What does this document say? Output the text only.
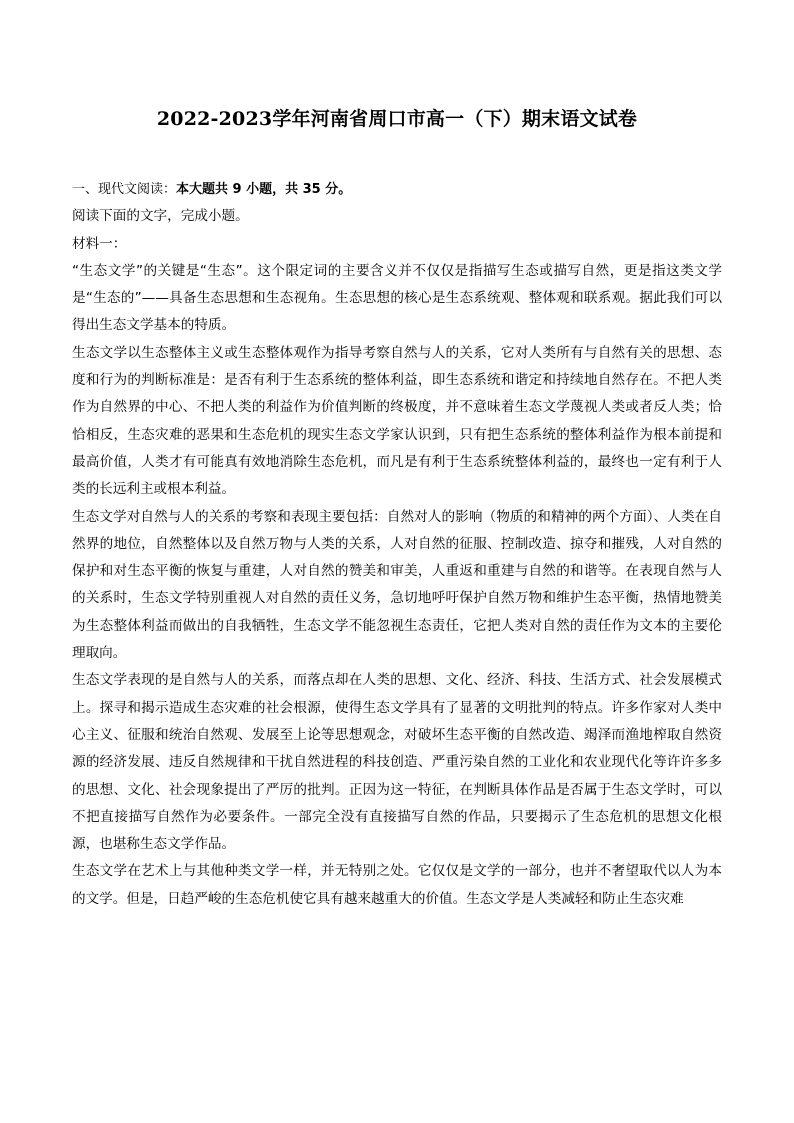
2022-2023学年河南省周口市高一（下）期末语文试卷

一、现代文阅读：本大题共 9 小题，共 35 分。

阅读下面的文字，完成小题。

材料一：

“生态文学”的关键是“生态”。这个限定词的主要含义并不仅仅是指描写生态或描写自然，更是指这类文学是“生态的”——具备生态思想和生态视角。生态思想的核心是生态系统观、整体观和联系观。据此我们可以得出生态文学基本的特质。

生态文学以生态整体主义或生态整体观作为指导考察自然与人的关系，它对人类所有与自然有关的思想、态度和行为的判断标准是：是否有利于生态系统的整体利益，即生态系统和谐定和持续地自然存在。不把人类作为自然界的中心、不把人类的利益作为价值判断的终极度，并不意味着生态文学蔑视人类或者反人类；恰恰相反，生态灾难的恶果和生态危机的现实生态文学家认识到，只有把生态系统的整体利益作为根本前提和最高价值，人类才有可能真有效地消除生态危机，而凡是有利于生态系统整体利益的，最终也一定有利于人类的长远利主或根本利益。

生态文学对自然与人的关系的考察和表现主要包括：自然对人的影响（物质的和精神的两个方面）、人类在自然界的地位，自然整体以及自然万物与人类的关系，人对自然的征服、控制改造、掠夺和摧残，人对自然的保护和对生态平衡的恢复与重建，人对自然的赞美和审美，人重返和重建与自然的和谐等。在表现自然与人的关系时，生态文学特别重视人对自然的责任义务，急切地呼吁保护自然万物和维护生态平衡，热情地赞美为生态整体利益而做出的自我牺牲，生态文学不能忽视生态责任，它把人类对自然的责任作为文本的主要伦理取向。

生态文学表现的是自然与人的关系，而落点却在人类的思想、文化、经济、科技、生活方式、社会发展模式上。探寻和揭示造成生态灾难的社会根源，使得生态文学具有了显著的文明批判的特点。许多作家对人类中心主义、征服和统治自然观、发展至上论等思想观念，对破坏生态平衡的自然改造、竭泽而渔地榨取自然资源的经济发展、违反自然规律和干扰自然进程的科技创造、严重污染自然的工业化和农业现代化等许许多多的思想、文化、社会现象提出了严厉的批判。正因为这一特征，在判断具体作品是否属于生态文学时，可以不把直接描写自然作为必要条件。一部完全没有直接描写自然的作品，只要揭示了生态危机的思想文化根源，也堪称生态文学作品。

生态文学在艺术上与其他种类文学一样，并无特别之处。它仅仅是文学的一部分，也并不奢望取代以人为本的文学。但是，日趋严峻的生态危机使它具有越来越重大的价值。生态文学是人类减轻和防止生态灾难
